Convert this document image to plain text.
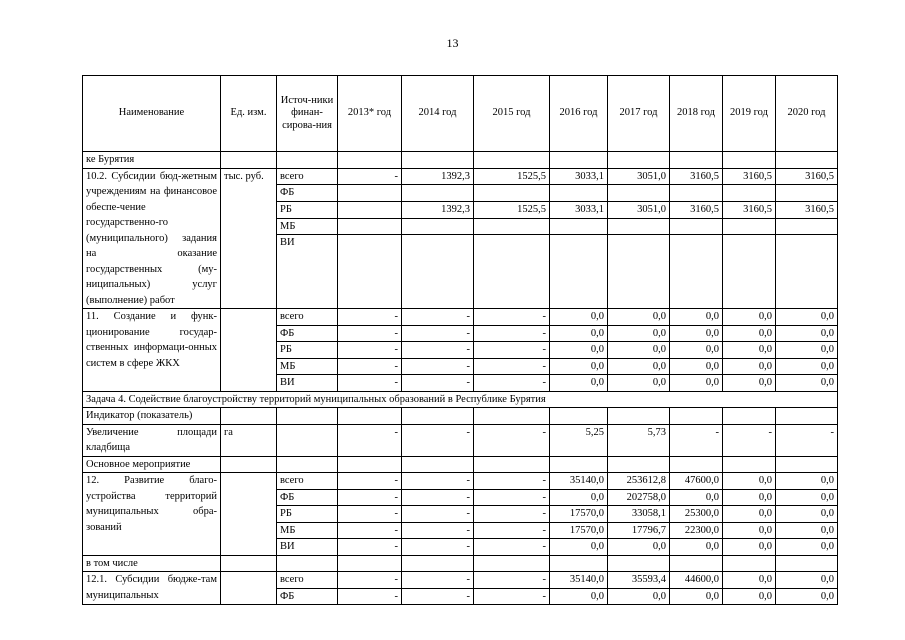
13
Наименование	Ед. изм.	Источ-ники финан-сирова-ния	2013* год	2014 год	2015 год	2016 год	2017 год	2018 год	2019 год	2020 год
ке Бурятия										
10.2. Субсидии бюд-жетным учреждениям на финансовое обеспе-чение государственно-го (муниципального) задания на оказание государственных (му-ниципальных) услуг (выполнение) работ	тыс. руб.	всего	-	1392,3	1525,5	3033,1	3051,0	3160,5	3160,5	3160,5
		ФБ								
		РБ		1392,3	1525,5	3033,1	3051,0	3160,5	3160,5	3160,5
		МБ								
		ВИ								
11. Создание и функ-ционирование государ-ственных информаци-онных систем в сфере ЖКХ		всего	-	-	-	0,0	0,0	0,0	0,0	0,0
		ФБ	-	-	-	0,0	0,0	0,0	0,0	0,0
		РБ	-	-	-	0,0	0,0	0,0	0,0	0,0
		МБ	-	-	-	0,0	0,0	0,0	0,0	0,0
		ВИ	-	-	-	0,0	0,0	0,0	0,0	0,0
Задача 4. Содействие благоустройству территорий муниципальных образований в Республике Бурятия										
Индикатор (показатель)										
Увеличение площади кладбища	га		-	-	-	5,25	5,73	-	-	-
Основное мероприятие										
12. Развитие благо-устройства территорий муниципальных обра-зований		всего	-	-	-	35140,0	253612,8	47600,0	0,0	0,0
		ФБ	-	-	-	0,0	202758,0	0,0	0,0	0,0
		РБ	-	-	-	17570,0	33058,1	25300,0	0,0	0,0
		МБ	-	-	-	17570,0	17796,7	22300,0	0,0	0,0
		ВИ	-	-	-	0,0	0,0	0,0	0,0	0,0
в том числе										
12.1. Субсидии бюдже-там муниципальных		всего	-	-	-	35140,0	35593,4	44600,0	0,0	0,0
		ФБ	-	-	-	0,0	0,0	0,0	0,0	0,0
